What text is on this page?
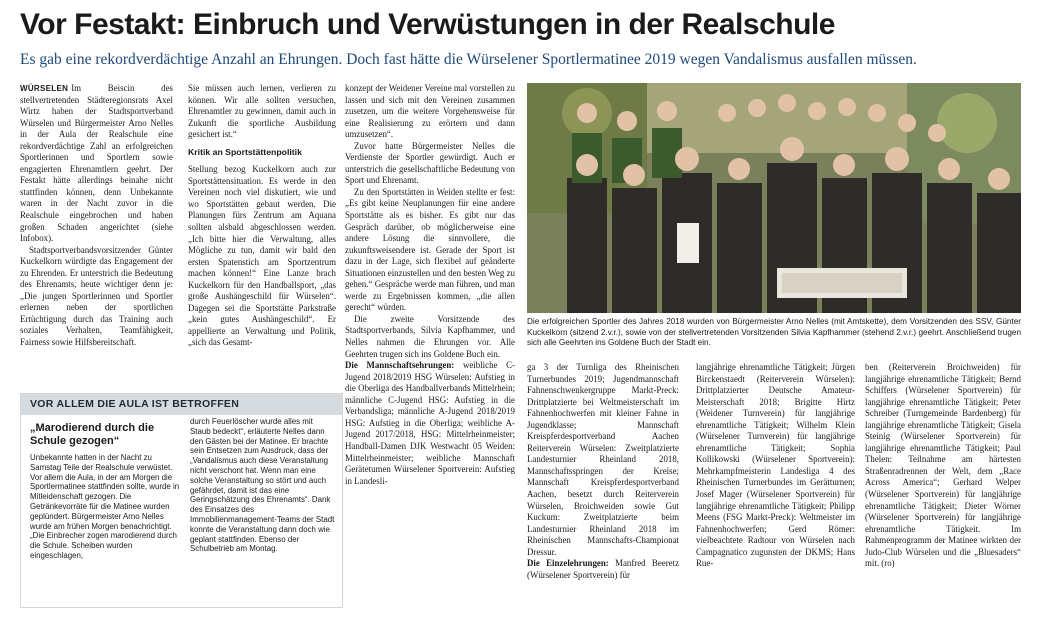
Vor Festakt: Einbruch und Verwüstungen in der Realschule

Es gab eine rekordverdächtige Anzahl an Ehrungen. Doch fast hätte die Würselener Sportlermatinee 2019 wegen Vandalismus ausfallen müssen.

WÜRSELEN Im Beiscin des stellvertretenden Städteregionsrats Axel Wirtz haben der Stadtsportverband Würselen und Bürgermeister Arno Nelles in der Aula der Realschule eine rekordverdächtige Zahl an erfolgreichen Sportlerinnen und Sportlern sowie engagierten Ehrenamtlern geehrt. Der Festakt hätte allerdings beinahe nicht stattfinden können, denn Unbekannte waren in der Nacht zuvor in die Realschule eingebrochen und haben großen Schaden angerichtet (siehe Infobox).

Stadtsportverbandsvorsitzender Günter Kuckelkorn würdigte das Engagement der zu Ehrenden. Er unterstrich die Bedeutung des Ehrenamts, heute wichtiger denn je: „Die jungen Sportlerinnen und Sportler erlernen neben der sportlichen Ertüchtigung durch das Training auch soziales Verhalten, Teamfähigkeit, Fairness sowie Hilfsbereitschaft.

Sie müssen auch lernen, verlieren zu können. Wir alle sollten versuchen, Ehrenamtler zu gewinnen, damit auch in Zukunft die sportliche Ausbildung gesichert ist.“

Kritik an Sportstättenpolitik

Stellung bezog Kuckelkorn auch zur Sportstättensituation. Es werde in den Vereinen noch viel diskutiert, wie und wo Sportstätten gebaut werden. Die Planungen fürs Zentrum am Aquana sollten alsbald abgeschlossen werden. „Ich bitte hier die Verwaltung, alles Mögliche zu tun, damit wir bald den ersten Spatenstich am Sportzentrum machen können!“ Eine Lanze brach Kuckelkorn für den Handballsport, „das große Aushängeschild für Würselen“. Dagegen sei die Sportstätte Parkstraße „kein gutes Aushängeschild“. Er appellierte an Verwaltung und Politik, „sich das Gesamt-

konzept der Weidener Vereine mal vorstellen zu lassen und sich mit den Vereinen zusammen zusetzen, um die weitere Vorgehensweise für eine Realisierung zu erörtern und dann umzusetzen“.

Zuvor hatte Bürgermeister Nelles die Verdienste der Sportler gewürdigt. Auch er unterstrich die gesellschaftliche Bedeutung von Sport und Ehrenamt.

Zu den Sportstätten in Weiden stellte er fest: „Es gibt keine Neuplanungen für eine andere Sportstätte als es bisher. Es gibt nur das Gespräch darüber, ob möglicherweise eine andere Lösung die sinnvollere, die zukunftsweisendere ist. Gerade der Sport ist dazu in der Lage, sich flexibel auf geänderte Situationen einzustellen und den besten Weg zu gehen.“ Gespräche werde man führen, und man werde zu Ergebnissen kommen, „die allen gerecht“ würden.

Die zweite Vorsitzende des Stadtsportverbands, Silvia Kapfhammer, und Nelles nahmen die Ehrungen vor. Alle Geehrten trugen sich ins Goldene Buch ein.

Die Mannschaftsehrungen: weibliche C-Jugend 2018/2019 HSG Würselen: Aufstieg in die Oberliga des Handballverbands Mittelrhein; männliche C-Jugend HSG: Aufstieg in die Verbandsliga; männliche A-Jugend 2018/2019 HSG: Aufstieg in die Oberliga; weibliche A-Jugend 2017/2018, HSG: Mittelrheinmeister; Handball-Damen DJK Westwacht 05 Weiden: Mittelrheinmeister; weibliche Mannschaft Gerätetumen Würselener Sportverein: Aufstieg in Landesli-

Die erfolgreichen Sportler des Jahres 2018 wurden von Bürgermeister Arno Nelles (mit Amtskette), dem Vorsitzenden des SSV, Günter Kuckelkorn (sitzend 2.v.r.), sowie von der stellvertretenden Vorsitzenden Silvia Kapfhammer (stehend 2.v.r.) geehrt. Anschließend trugen sich alle Geehrten ins Goldene Buch der Stadt ein.
VOR ALLEM DIE AULA IST BETROFFEN
„Marodierend durch die Schule gezogen“
Unbekannte hatten in der Nacht zu Samstag Teile der Realschule verwüstet. Vor allem die Aula, in der am Morgen die Sportlermatinee stattfinden sollte, wurde in Mitleidenschaft gezogen. Die Getränkevorräte für die Matinee wurden geplündert. Bürgermeister Arno Nelles wurde am frühen Morgen benachrichtigt. „Die Einbrecher zogen marodierend durch die Schule. Scheiben wurden eingeschlagen,
durch Feuerlöscher wurde alles mit Staub bedeckt“, erläuterte Nelles dann den Gästen bei der Matinee. Er brachte sein Entsetzen zum Ausdruck, dass der „Vandalismus auch diese Veranstaltung nicht verschont hat. Wenn man eine solche Veranstaltung so stört und auch gefährdet, damit ist das eine Geringschätzung des Ehrenamts“. Dank des Einsatzes des Immobilienmanagement-Teams der Stadt konnte die Veranstaltung dann doch wie geplant stattfinden. Ebenso der Schulbetrieb am Montag.

ga 3 der Turnliga des Rheinischen Turnerbundes 2019; Jugendmannschaft Fahnenschwenkergruppe Markt-Preck: Drittplatzierte bei Weltmeisterschaft im Fahnenhochwerfen mit kleiner Fahne in Jugendklasse; Mannschaft Kreispferdesportverband Aachen Reiterverein Würselen: Zweitplatzierte Landesturnier Rheinland 2018, Mannschaftsspringen der Kreise; Mannschaft Kreispferdesportverband Aachen, besetzt durch Reiterverein Würselen, Broichweiden sowie Gut Kuckum: Zweitplatzierte beim Landesturnier Rheinland 2018 im Rheinischen Mannschafts-Championat Dressur.

Die Einzelehrungen: Manfred Beeretz (Würselener Sportverein) für

langjährige ehrenamtliche Tätigkeit; Jürgen Birckenstaedt (Reiterverein Würselen): Drittplatzierter Deutsche Amateur-Meisterschaft 2018; Brigitte Hirtz (Weidener Turnverein) für langjährige ehrenamtliche Tätigkeit; Wilhelm Klein (Würselener Turnverein) für langjährige ehrenamtliche Tätigkeit; Sophia Kollikowski (Würselener Sportverein): Mehrkampfmeisterin Landesliga 4 des Rheinischen Turnerbundes im Gerätturnen; Josef Mager (Würselener Sportverein) für langjährige ehrenamtliche Tätigkeit; Philipp Meens (FSG Markt-Preck): Weltmeister im Fahnenhochwerfen; Gerd Römer: vielbeachtete Radtour von Würselen nach Campagnatico zugunsten der DKMS; Hans Rue-

ben (Reiterverein Broichweiden) für langjährige ehrenamtliche Tätigkeit; Bernd Schiffers (Würselener Sportverein) für langjährige ehrenamtliche Tätigkeit; Peter Schreiber (Turngemeinde Bardenberg) für langjährige ehrenamtliche Tätigkeit; Gisela Steinig (Würselener Sportverein) für langjährige ehrenamtliche Tätigkeit; Paul Thelen: Teilnahme am härtesten Straßenradrennen der Welt, dem „Race Across America“; Gerhard Welper (Würselener Sportverein) für langjährige ehrenamtliche Tätigkeit; Dieter Wörner (Würselener Sportverein) für langjährige ehrenamtliche Tätigkeit. Im Rahmenprogramm der Matinee wirkten der Judo-Club Würselen und die „Bluesaders“ mit. (ro)
